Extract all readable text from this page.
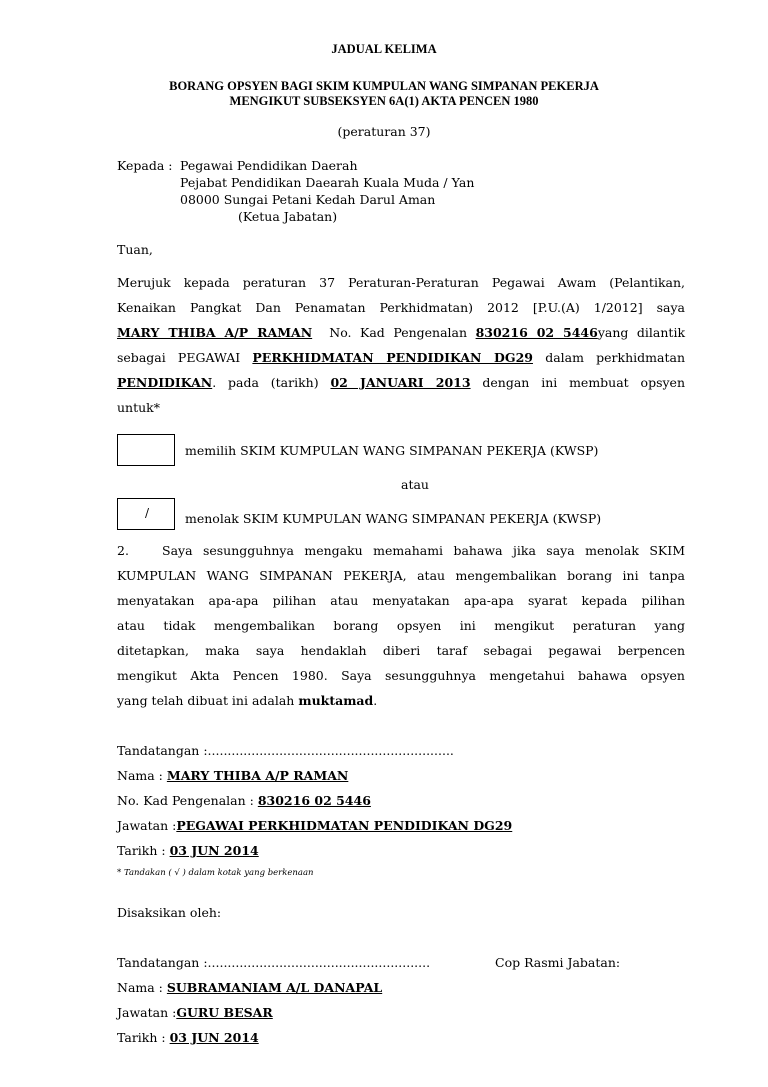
JADUAL KELIMA
BORANG OPSYEN BAGI SKIM KUMPULAN WANG SIMPANAN PEKERJA
MENGIKUT SUBSEKSYEN 6A(1) AKTA PENCEN 1980
(peraturan 37)
Kepada : Pegawai Pendidikan Daerah
Pejabat Pendidikan Daearah Kuala Muda / Yan
08000 Sungai Petani Kedah Darul Aman
(Ketua Jabatan)
Tuan,
Merujuk kepada peraturan 37 Peraturan-Peraturan Pegawai Awam (Pelantikan,
Kenaikan Pangkat Dan Penamatan Perkhidmatan) 2012 [P.U.(A) 1/2012] saya
MARY THIBA A/P RAMAN No. Kad Pengenalan 830216 02 5446yang dilantik
sebagai PEGAWAI PERKHIDMATAN PENDIDIKAN DG29 dalam perkhidmatan
PENDIDIKAN. pada (tarikh) 02 JANUARI 2013 dengan ini membuat opsyen
untuk*
memilih SKIM KUMPULAN WANG SIMPANAN PEKERJA (KWSP)
atau
/	menolak SKIM KUMPULAN WANG SIMPANAN PEKERJA (KWSP)
2.	Saya sesungguhnya mengaku memahami bahawa jika saya menolak SKIM
KUMPULAN WANG SIMPANAN PEKERJA, atau mengembalikan borang ini tanpa
menyatakan apa-apa pilihan atau menyatakan apa-apa syarat kepada pilihan
atau tidak mengembalikan borang opsyen ini mengikut peraturan yang
ditetapkan, maka saya hendaklah diberi taraf sebagai pegawai berpencen
mengikut Akta Pencen 1980. Saya sesungguhnya mengetahui bahawa opsyen
yang telah dibuat ini adalah muktamad.
Tandatangan :..............................................................
Nama : MARY THIBA A/P RAMAN
No. Kad Pengenalan : 830216 02 5446
Jawatan :PEGAWAI PERKHIDMATAN PENDIDIKAN DG29
Tarikh : 03 JUN 2014
* Tandakan ( √ ) dalam kotak yang berkenaan
Disaksikan oleh:
Tandatangan :........................................................	Cop Rasmi Jabatan:
Nama : SUBRAMANIAM A/L DANAPAL
Jawatan :GURU BESAR
Tarikh : 03 JUN 2014
